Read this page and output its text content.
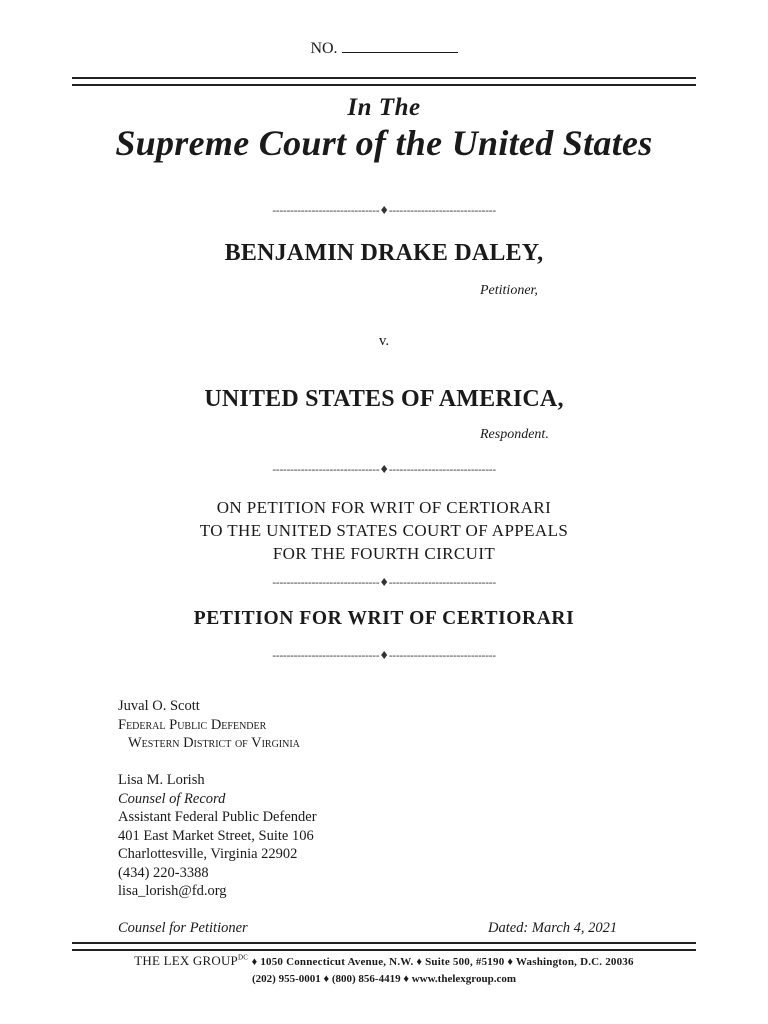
NO.
In The
Supreme Court of the United States
------------------------------♦------------------------------
BENJAMIN DRAKE DALEY,
Petitioner,
v.
UNITED STATES OF AMERICA,
Respondent.
------------------------------♦------------------------------
ON PETITION FOR WRIT OF CERTIORARI
TO THE UNITED STATES COURT OF APPEALS
FOR THE FOURTH CIRCUIT
------------------------------♦------------------------------
PETITION FOR WRIT OF CERTIORARI
------------------------------♦------------------------------
Juval O. Scott
Federal Public Defender
Western District of Virginia
Lisa M. Lorish
Counsel of Record
Assistant Federal Public Defender
401 East Market Street, Suite 106
Charlottesville, Virginia 22902
(434) 220-3388
lisa_lorish@fd.org
Counsel for Petitioner	Dated: March 4, 2021
THE LEX $GROUP^{DC}$ ♦ 1050 Connecticut Avenue, N.W. ♦ Suite 500, #5190 ♦ Washington, D.C. 20036
(202) 955-0001 ♦ (800) 856-4419 ♦ www.thelexgroup.com
